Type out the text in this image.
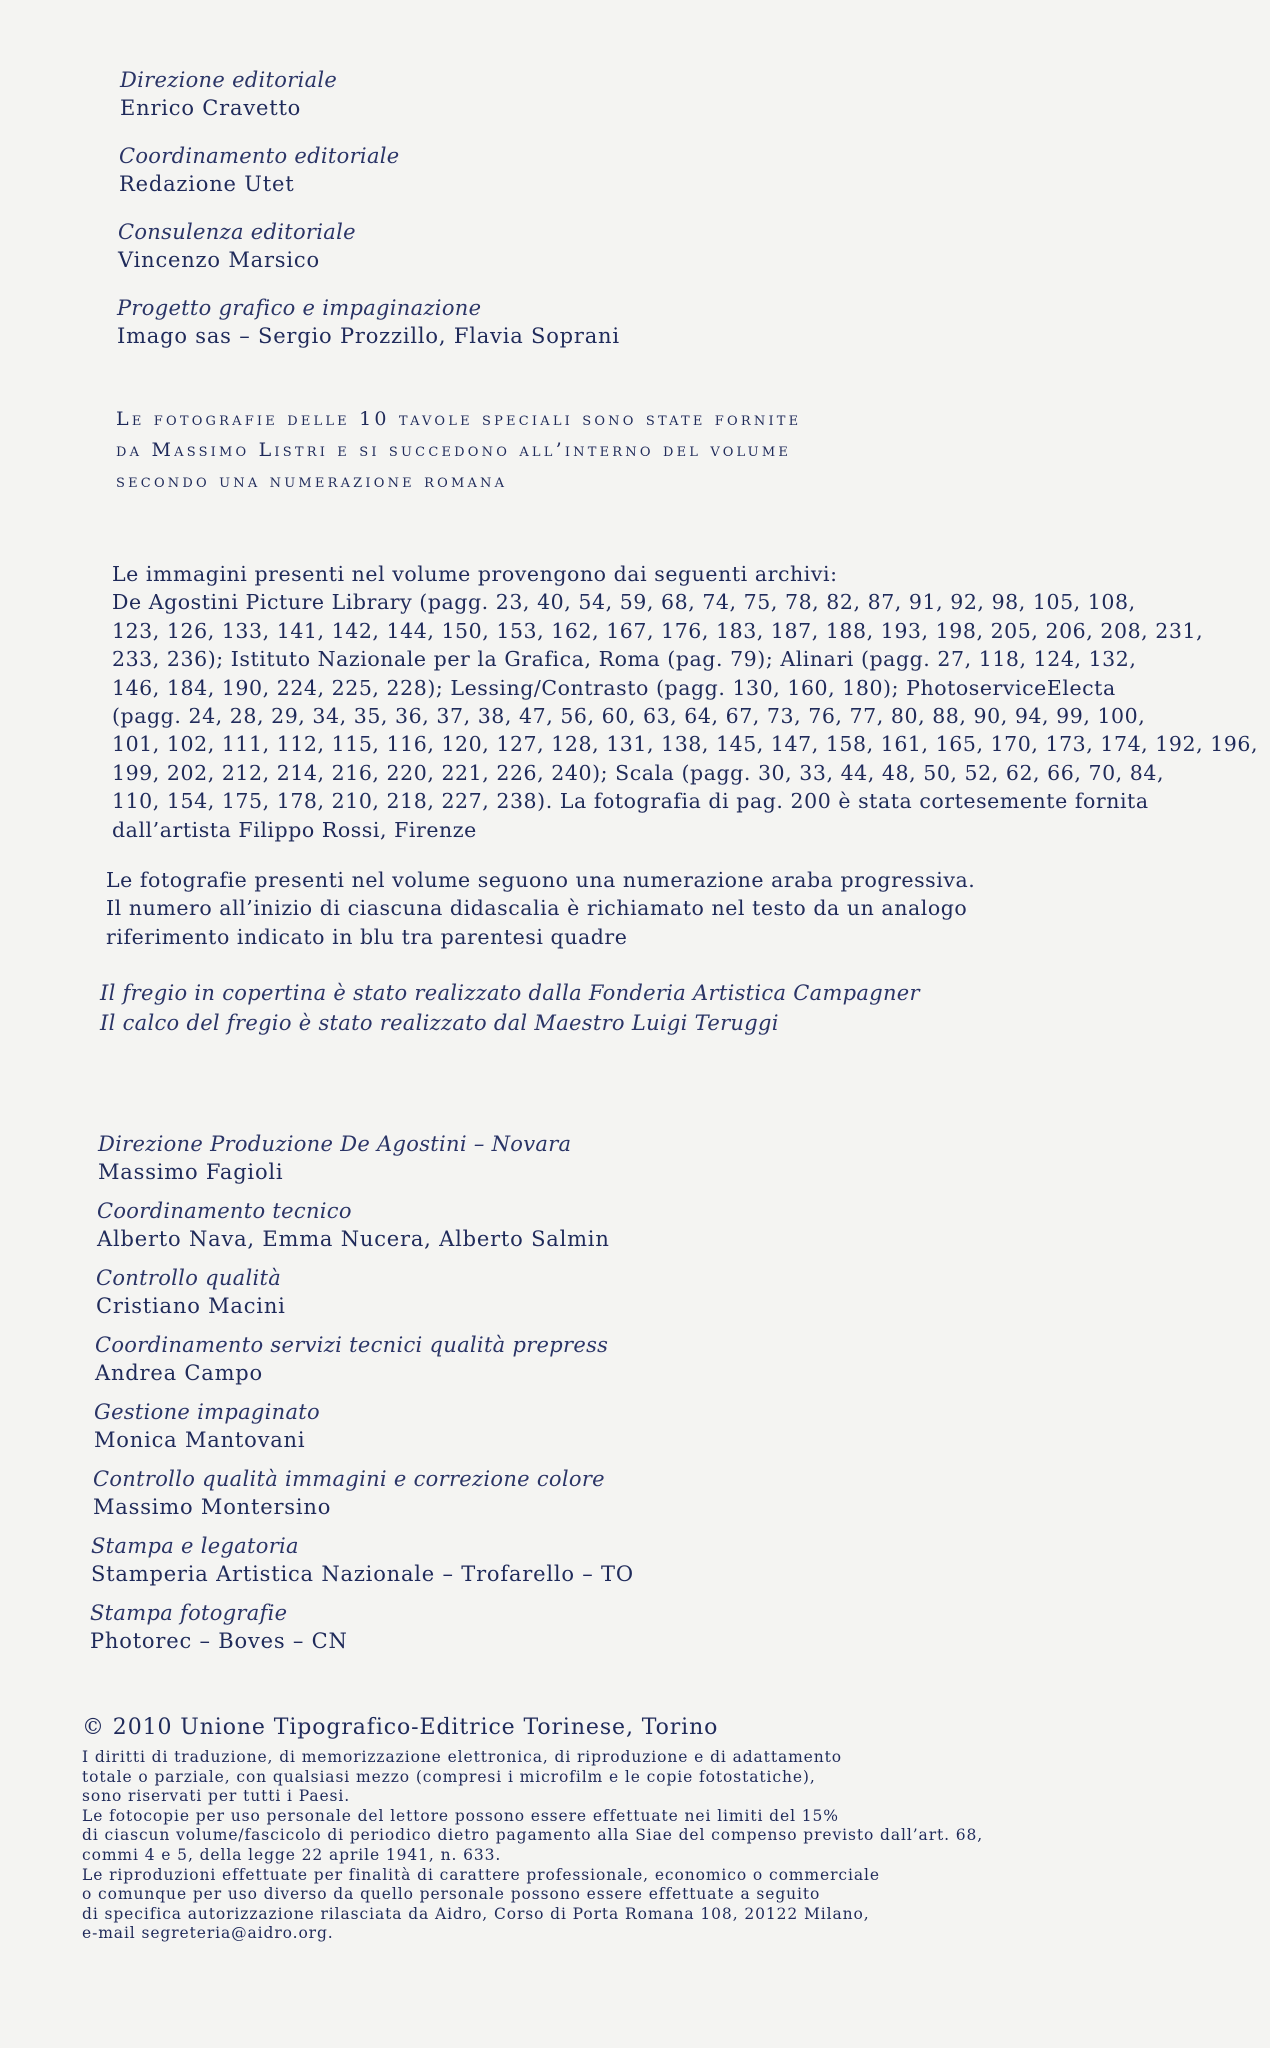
Direzione editoriale
Enrico Cravetto
Coordinamento editoriale
Redazione Utet
Consulenza editoriale
Vincenzo Marsico
Progetto grafico e impaginazione
Imago sas – Sergio Prozzillo, Flavia Soprani
Le fotografie delle 10 tavole speciali sono state fornite
da Massimo Listri e si succedono all’interno del volume
secondo una numerazione romana
Le immagini presenti nel volume provengono dai seguenti archivi:
De Agostini Picture Library (pagg. 23, 40, 54, 59, 68, 74, 75, 78, 82, 87, 91, 92, 98, 105, 108,
123, 126, 133, 141, 142, 144, 150, 153, 162, 167, 176, 183, 187, 188, 193, 198, 205, 206, 208, 231,
233, 236); Istituto Nazionale per la Grafica, Roma (pag. 79); Alinari (pagg. 27, 118, 124, 132,
146, 184, 190, 224, 225, 228); Lessing/Contrasto (pagg. 130, 160, 180); PhotoserviceElecta
(pagg. 24, 28, 29, 34, 35, 36, 37, 38, 47, 56, 60, 63, 64, 67, 73, 76, 77, 80, 88, 90, 94, 99, 100,
101, 102, 111, 112, 115, 116, 120, 127, 128, 131, 138, 145, 147, 158, 161, 165, 170, 173, 174, 192, 196,
199, 202, 212, 214, 216, 220, 221, 226, 240); Scala (pagg. 30, 33, 44, 48, 50, 52, 62, 66, 70, 84,
110, 154, 175, 178, 210, 218, 227, 238). La fotografia di pag. 200 è stata cortesemente fornita
dall’artista Filippo Rossi, Firenze
Le fotografie presenti nel volume seguono una numerazione araba progressiva.
Il numero all’inizio di ciascuna didascalia è richiamato nel testo da un analogo
riferimento indicato in blu tra parentesi quadre
Il fregio in copertina è stato realizzato dalla Fonderia Artistica Campagner
Il calco del fregio è stato realizzato dal Maestro Luigi Teruggi
Direzione Produzione De Agostini – Novara
Massimo Fagioli
Coordinamento tecnico
Alberto Nava, Emma Nucera, Alberto Salmin
Controllo qualità
Cristiano Macini
Coordinamento servizi tecnici qualità prepress
Andrea Campo
Gestione impaginato
Monica Mantovani
Controllo qualità immagini e correzione colore
Massimo Montersino
Stampa e legatoria
Stamperia Artistica Nazionale – Trofarello – TO
Stampa fotografie
Photorec – Boves – CN
© 2010 Unione Tipografico-Editrice Torinese, Torino
I diritti di traduzione, di memorizzazione elettronica, di riproduzione e di adattamento
totale o parziale, con qualsiasi mezzo (compresi i microfilm e le copie fotostatiche),
sono riservati per tutti i Paesi.
Le fotocopie per uso personale del lettore possono essere effettuate nei limiti del 15%
di ciascun volume/fascicolo di periodico dietro pagamento alla Siae del compenso previsto dall’art. 68,
commi 4 e 5, della legge 22 aprile 1941, n. 633.
Le riproduzioni effettuate per finalità di carattere professionale, economico o commerciale
o comunque per uso diverso da quello personale possono essere effettuate a seguito
di specifica autorizzazione rilasciata da Aidro, Corso di Porta Romana 108, 20122 Milano,
e-mail segreteria@aidro.org.
